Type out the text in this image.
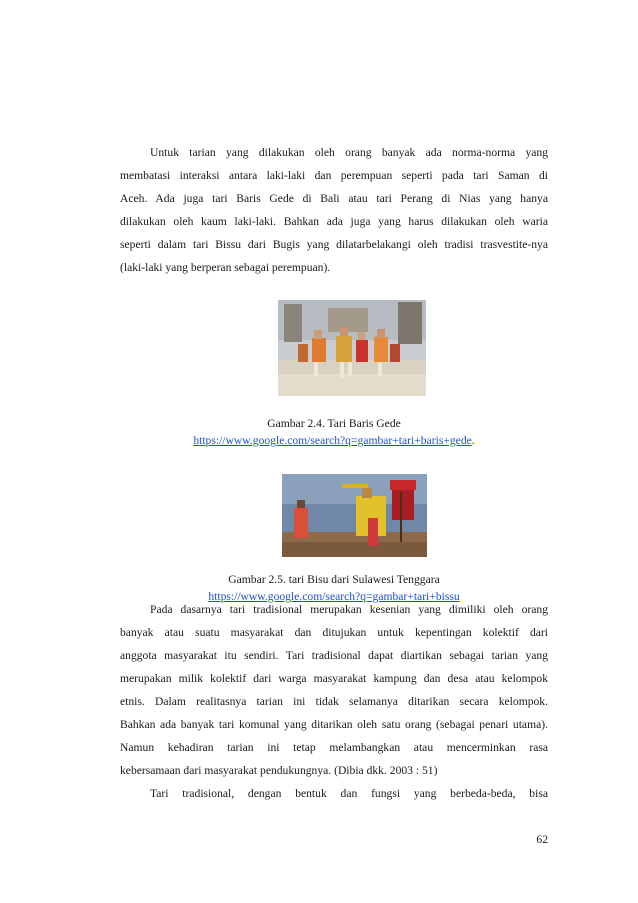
Untuk tarian yang dilakukan oleh orang banyak ada norma-norma yang
membatasi interaksi antara laki-laki dan perempuan seperti pada tari Saman di
Aceh. Ada juga tari Baris Gede di Bali atau tari Perang di Nias yang hanya
dilakukan oleh kaum laki-laki. Bahkan ada juga yang harus dilakukan oleh waria
seperti dalam tari Bissu dari Bugis yang dilatarbelakangi oleh tradisi trasvestite-nya
(laki-laki yang berperan sebagai perempuan).
Gambar 2.4. Tari Baris Gede
https://www.google.com/search?q=gambar+tari+baris+gede.
Gambar 2.5. tari Bisu dari Sulawesi Tenggara
https://www.google.com/search?q=gambar+tari+bissu
Pada dasarnya tari tradisional merupakan kesenian yang dimiliki oleh orang
banyak atau suatu masyarakat dan ditujukan untuk kepentingan kolektif dari
anggota masyarakat itu sendiri. Tari tradisional dapat diartikan sebagai tarian yang
merupakan milik kolektif dari warga masyarakat kampung dan desa atau kelompok
etnis. Dalam realitasnya tarian ini tidak selamanya ditarikan secara kelompok.
Bahkan ada banyak tari komunal yang ditarikan oleh satu orang (sebagai penari utama).
Namun kehadiran tarian ini tetap melambangkan atau mencerminkan rasa
kebersamaan dari masyarakat pendukungnya. (Dibia dkk. 2003 : 51)
Tari tradisional, dengan bentuk dan fungsi yang berbeda-beda, bisa
62
